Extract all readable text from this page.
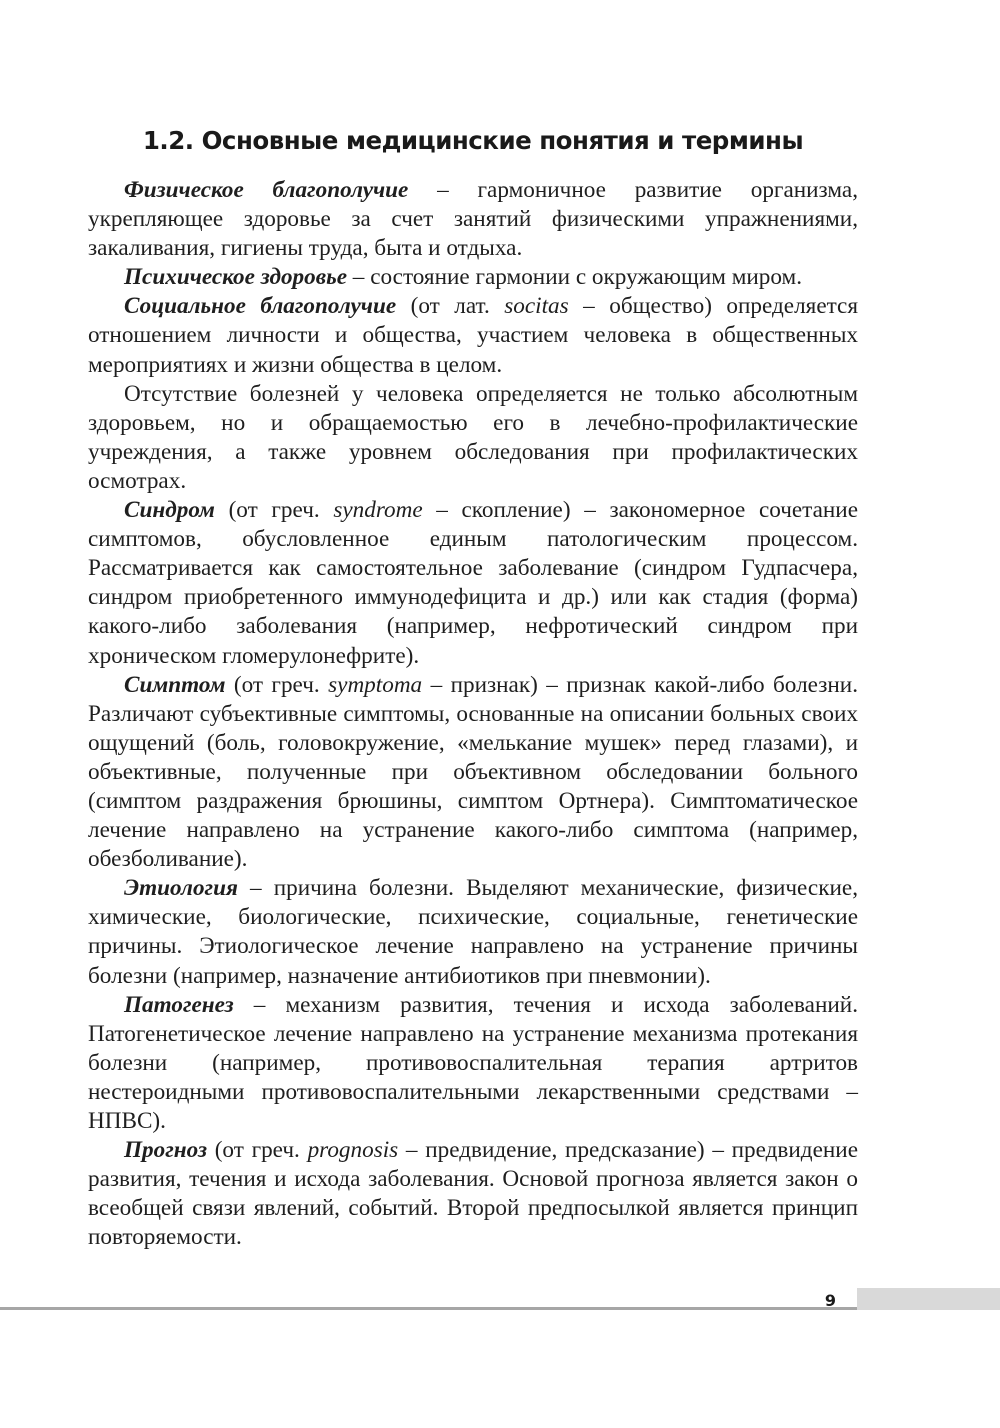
1.2. Основные медицинские понятия и термины

Физическое благополучие – гармоничное развитие организма, укрепляющее здоровье за счет занятий физическими упражнениями, закаливания, гигиены труда, быта и отдыха.

Психическое здоровье – состояние гармонии с окружающим миром.

Социальное благополучие (от лат. socitas – общество) определяется отношением личности и общества, участием человека в общественных мероприятиях и жизни общества в целом.

Отсутствие болезней у человека определяется не только абсолютным здоровьем, но и обращаемостью его в лечебно-профилактические учреждения, а также уровнем обследования при профилактических осмотрах.

Синдром (от греч. syndrome – скопление) – закономерное сочетание симптомов, обусловленное единым патологическим процессом. Рассматривается как самостоятельное заболевание (синдром Гудпасчера, синдром приобретенного иммунодефицита и др.) или как стадия (форма) какого-либо заболевания (например, нефротический синдром при хроническом гломерулонефрите).

Симптом (от греч. symptoma – признак) – признак какой-либо болезни. Различают субъективные симптомы, основанные на описании больных своих ощущений (боль, головокружение, «мелькание мушек» перед глазами), и объективные, полученные при объективном обследовании больного (симптом раздражения брюшины, симптом Ортнера). Симптоматическое лечение направлено на устранение какого-либо симптома (например, обезболивание).

Этиология – причина болезни. Выделяют механические, физические, химические, биологические, психические, социальные, генетические причины. Этиологическое лечение направлено на устранение причины болезни (например, назначение антибиотиков при пневмонии).

Патогенез – механизм развития, течения и исхода заболеваний. Патогенетическое лечение направлено на устранение механизма протекания болезни (например, противовоспалительная терапия артритов нестероидными противовоспалительными лекарственными средствами – НПВС).

Прогноз (от греч. prognosis – предвидение, предсказание) – предвидение развития, течения и исхода заболевания. Основой прогноза является закон о всеобщей связи явлений, событий. Второй предпосылкой является принцип повторяемости.

9
